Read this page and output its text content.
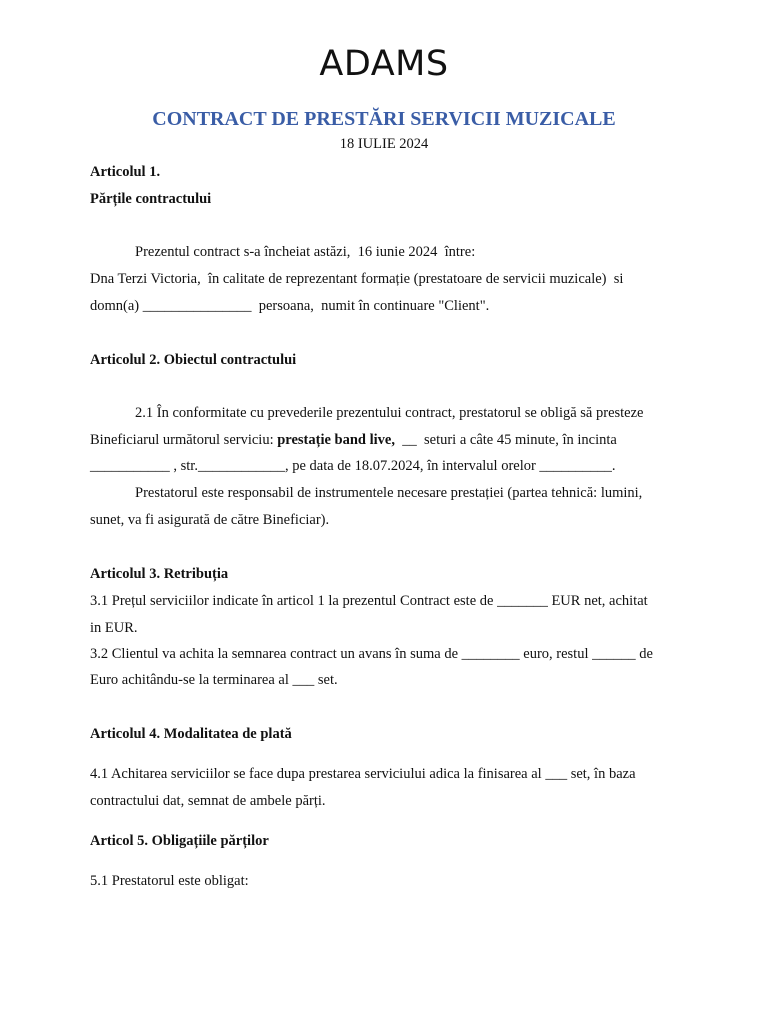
ADAMS
CONTRACT DE PRESTĂRI SERVICII MUZICALE
18 IULIE 2024
Articolul 1.
Părțile contractului
Prezentul contract s-a încheiat astăzi,  16 iunie 2024  între:
Dna Terzi Victoria,  în calitate de reprezentant formație (prestatoare de servicii muzicale)  si
domn(a) _______________  persoana,  numit în continuare "Client".
Articolul 2. Obiectul contractului
2.1 În conformitate cu prevederile prezentului contract, prestatorul se obligă să presteze
Bineficiarul următorul serviciu: prestație band live,  __  seturi a câte 45 minute, în incinta
___________ , str.____________, pe data de 18.07.2024, în intervalul orelor __________.
Prestatorul este responsabil de instrumentele necesare prestației (partea tehnică: lumini,
sunet, va fi asigurată de către Bineficiar).
Articolul 3. Retribuția
3.1 Prețul serviciilor indicate în articol 1 la prezentul Contract este de _______ EUR net, achitat
in EUR.
3.2 Clientul va achita la semnarea contract un avans în suma de ________ euro, restul ______ de
Euro achitându-se la terminarea al ___ set.
Articolul 4. Modalitatea de plată
4.1 Achitarea serviciilor se face dupa prestarea serviciului adica la finisarea al ___ set, în baza
contractului dat, semnat de ambele părți.
Articol 5. Obligațiile părților
5.1 Prestatorul este obligat:
